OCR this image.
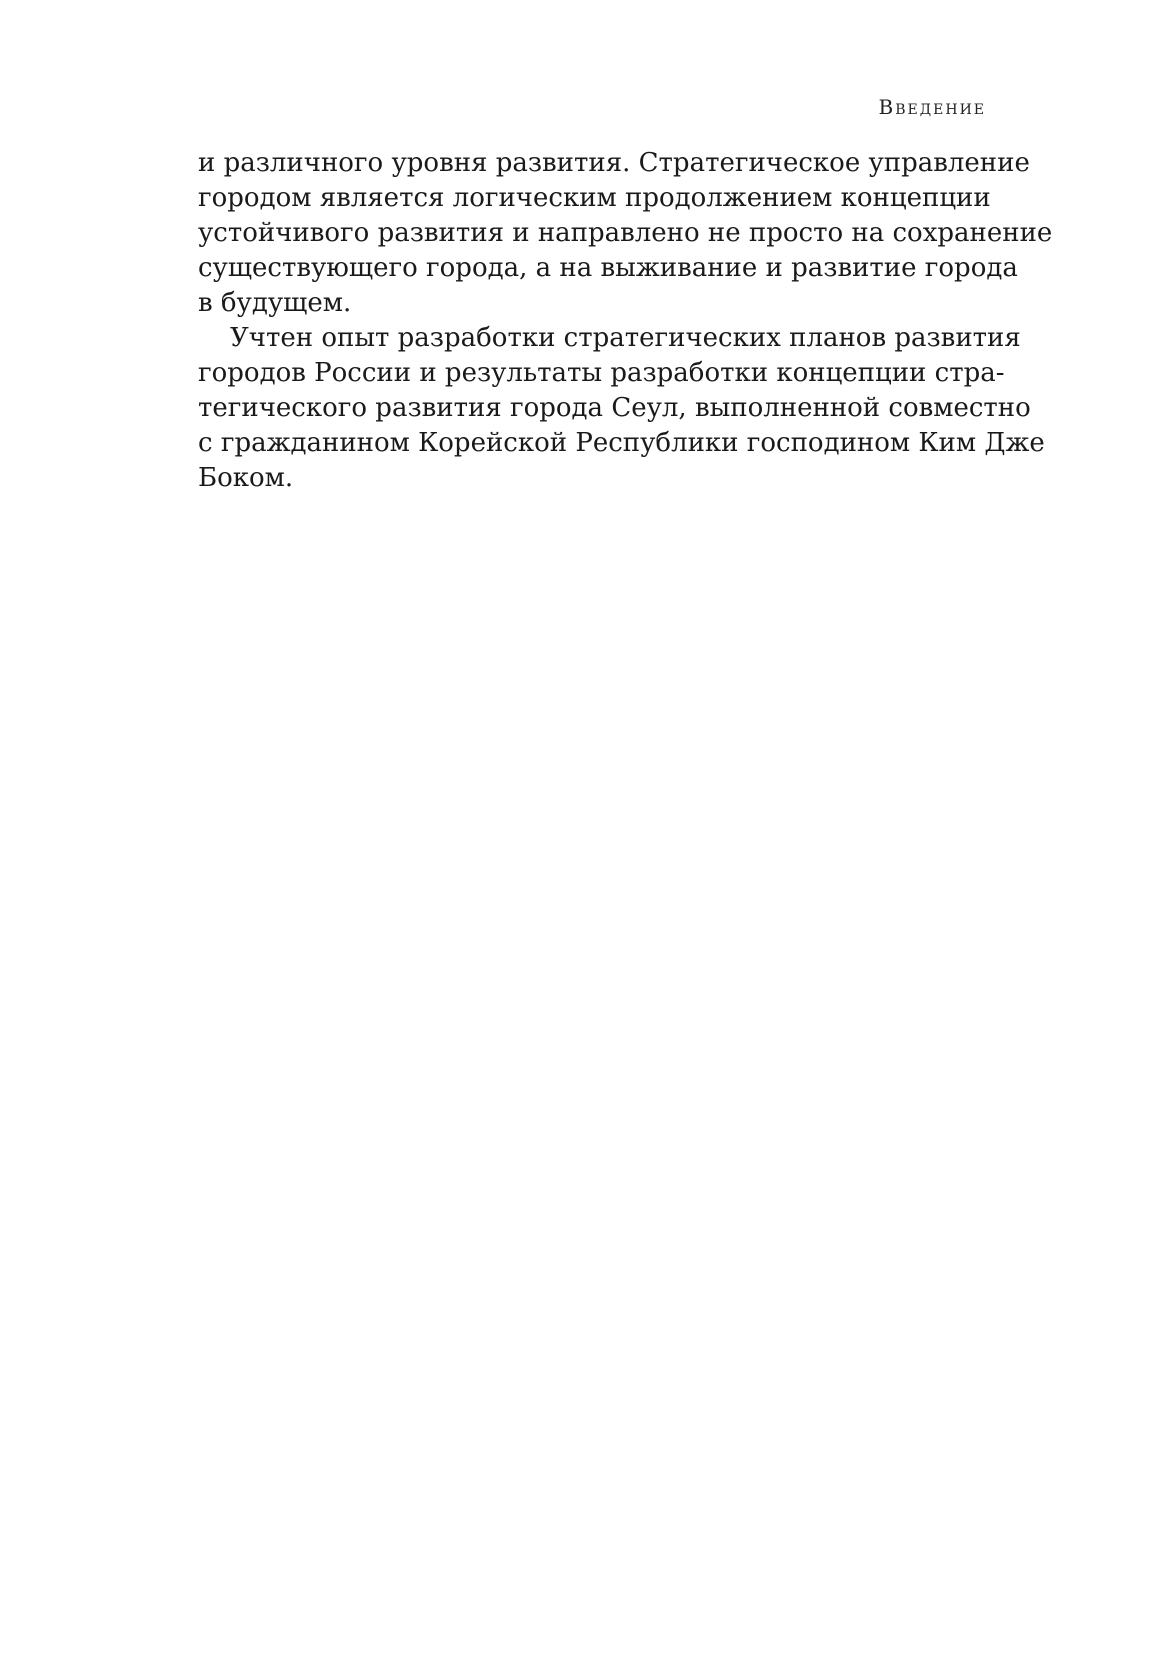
Введение
и различного уровня развития. Стратегическое управление
городом является логическим продолжением концепции
устойчивого развития и направлено не просто на сохранение
существующего города, а на выживание и развитие города
в будущем.
Учтен опыт разработки стратегических планов развития
городов России и результаты разработки концепции стра-
тегического развития города Сеул, выполненной совместно
с гражданином Корейской Республики господином Ким Дже
Боком.
